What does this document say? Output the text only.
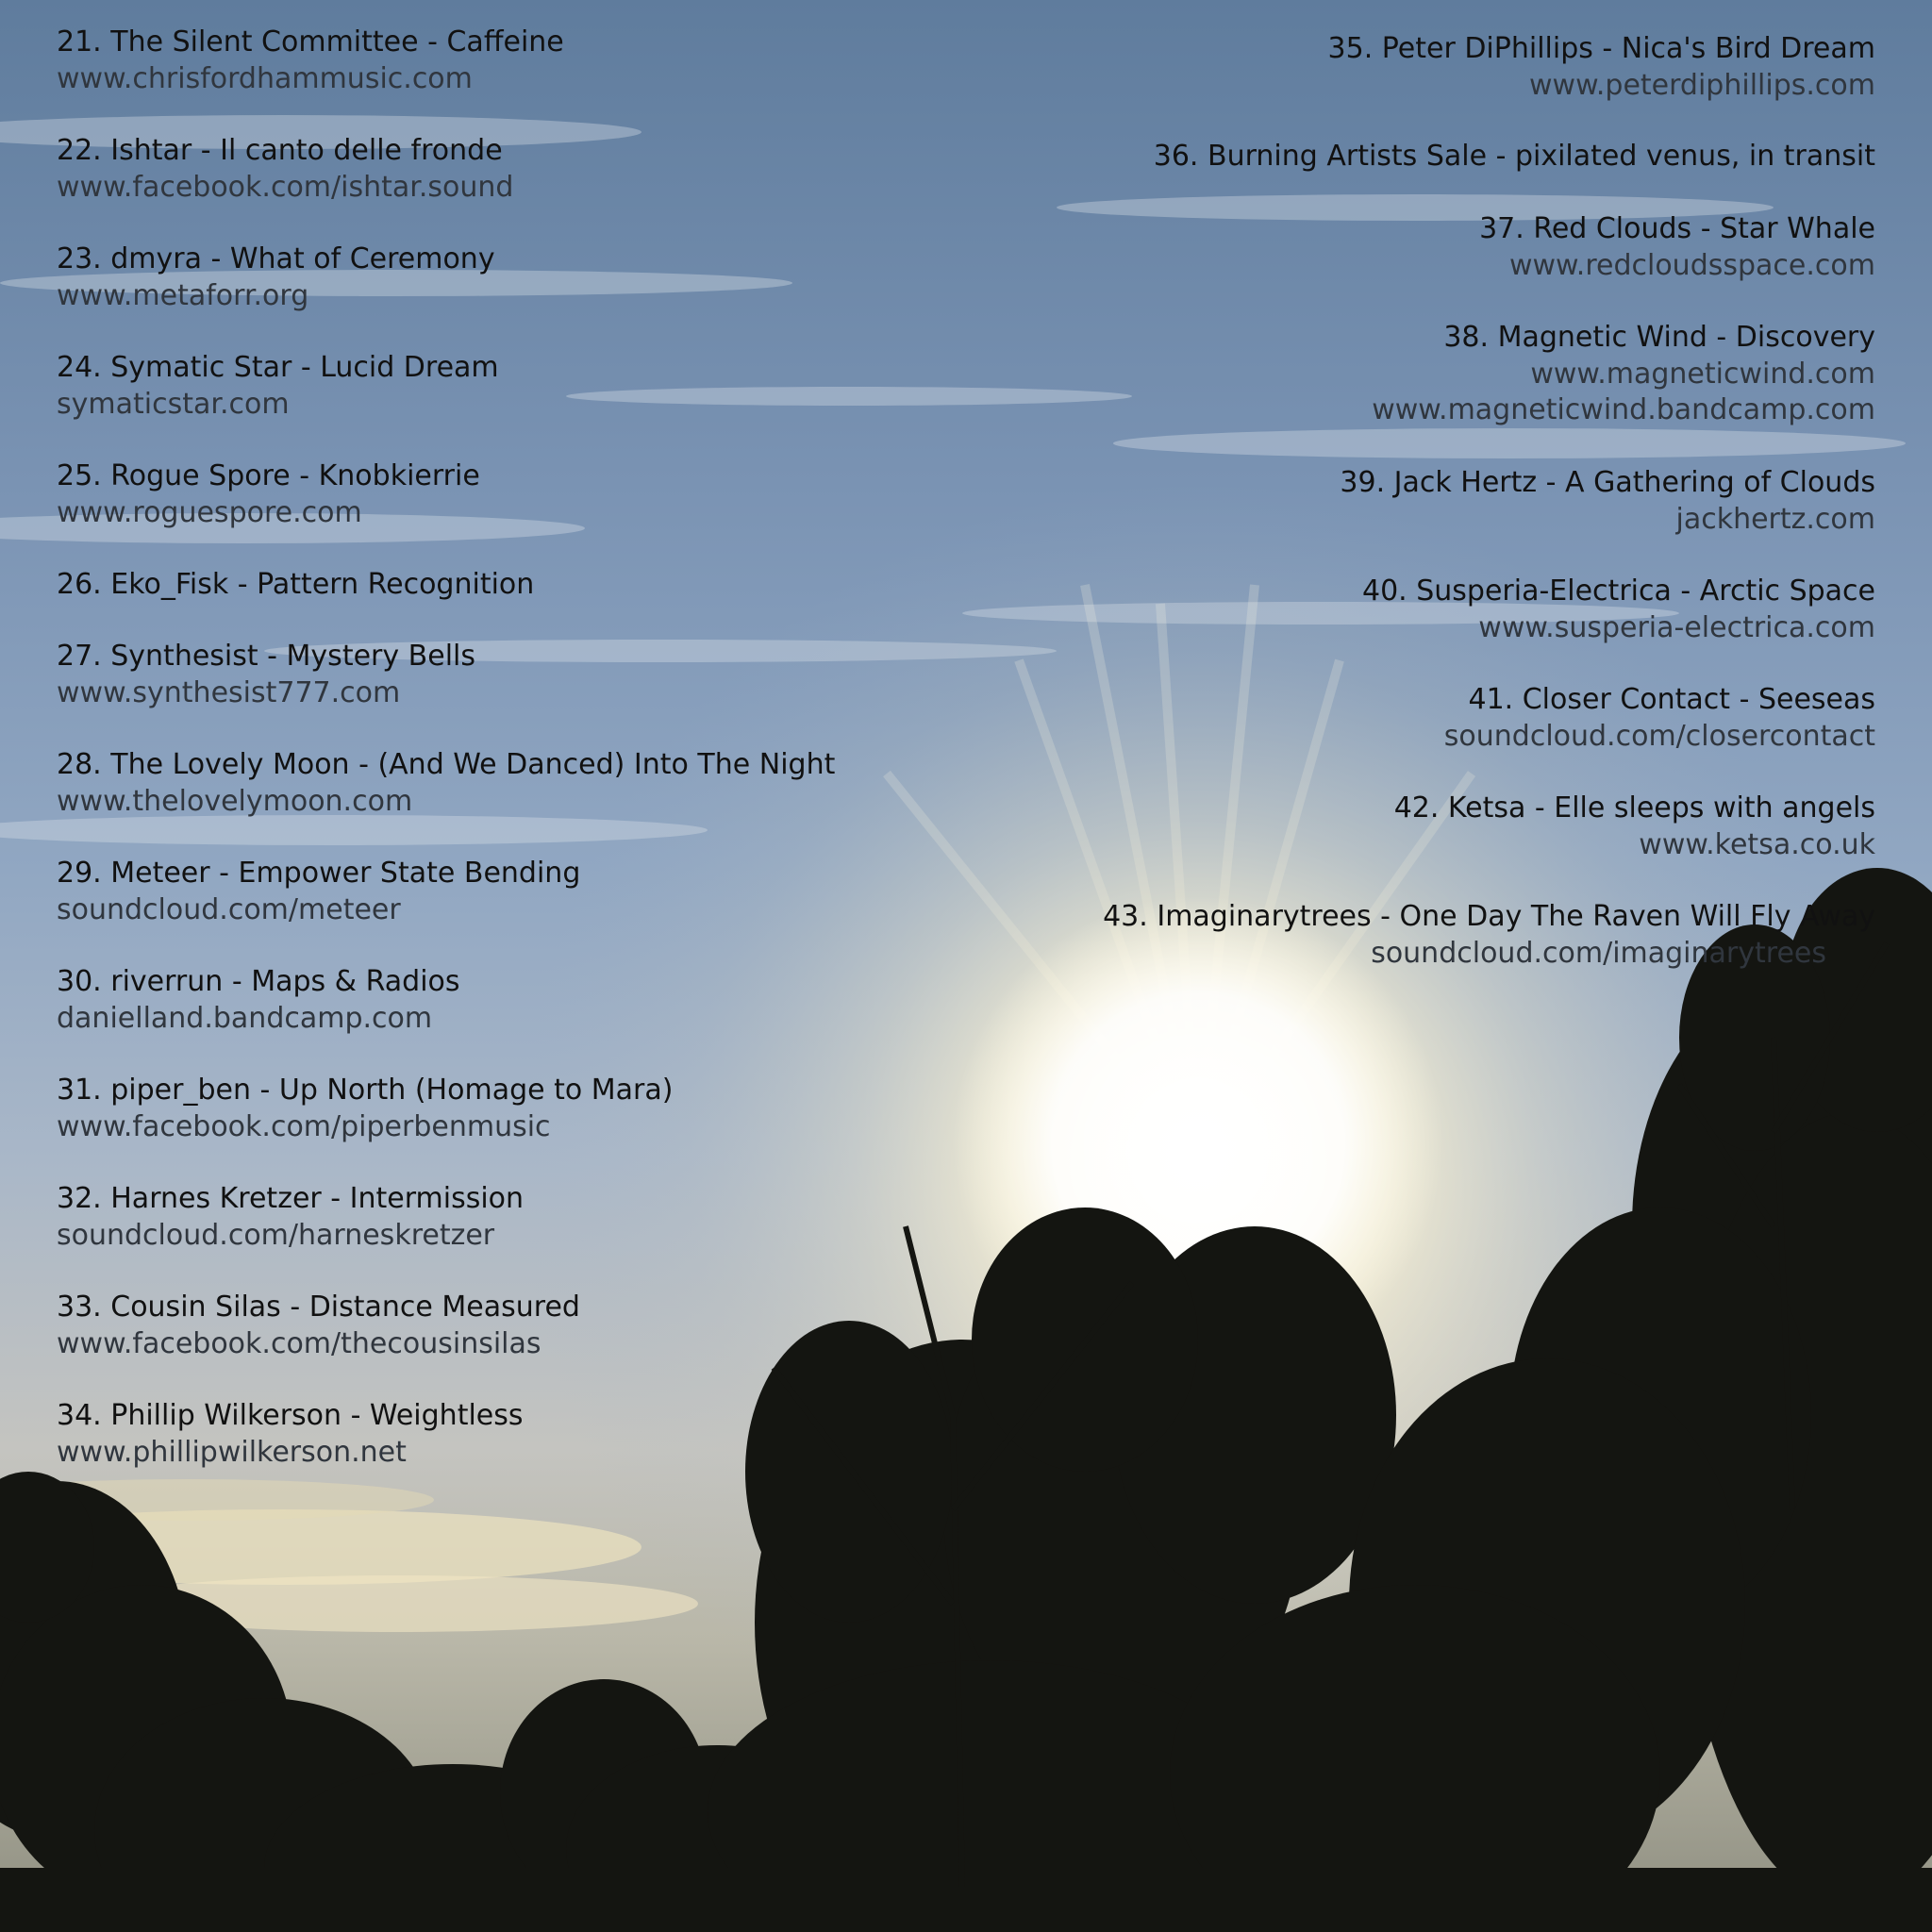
21. The Silent Committee - Caffeine
www.chrisfordhammusic.com
22. Ishtar - Il canto delle fronde
www.facebook.com/ishtar.sound
23. dmyra - What of Ceremony
www.metaforr.org
24. Symatic Star - Lucid Dream
symaticstar.com
25. Rogue Spore - Knobkierrie
www.roguespore.com
26. Eko_Fisk - Pattern Recognition
27. Synthesist - Mystery Bells
www.synthesist777.com
28. The Lovely Moon - (And We Danced) Into The Night
www.thelovelymoon.com
29. Meteer - Empower State Bending
soundcloud.com/meteer
30. riverrun - Maps & Radios
danielland.bandcamp.com
31. piper_ben - Up North (Homage to Mara)
www.facebook.com/piperbenmusic
32. Harnes Kretzer - Intermission
soundcloud.com/harneskretzer
33. Cousin Silas - Distance Measured
www.facebook.com/thecousinsilas
34. Phillip Wilkerson - Weightless
www.phillipwilkerson.net
35. Peter DiPhillips - Nica's Bird Dream
www.peterdiphillips.com
36. Burning Artists Sale - pixilated venus, in transit
37. Red Clouds - Star Whale
www.redcloudsspace.com
38. Magnetic Wind - Discovery
www.magneticwind.com
www.magneticwind.bandcamp.com
39. Jack Hertz - A Gathering of Clouds
jackhertz.com
40. Susperia-Electrica - Arctic Space
www.susperia-electrica.com
41. Closer Contact - Seeseas
soundcloud.com/closercontact
42. Ketsa - Elle sleeps with angels
www.ketsa.co.uk
43. Imaginarytrees - One Day The Raven Will Fly Away
soundcloud.com/imaginarytrees
